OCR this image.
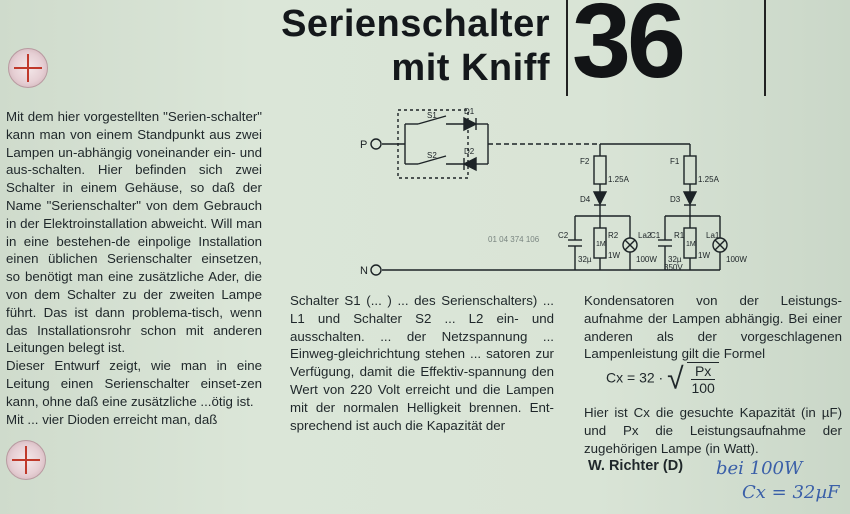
Serienschalter
mit Kniff 36

Mit dem hier vorgestellten "Serien-schalter" kann man von einem Standpunkt aus zwei Lampen un-abhängig voneinander ein- und aus-schalten. Hier befinden sich zwei Schalter in einem Gehäuse, so daß der Name "Serienschalter" von dem Gebrauch in der Elektroinstallation abweicht. Will man in eine bestehen-de einpolige Installation einen üblichen Serienschalter einsetzen, so benötigt man eine zusätzliche Ader, die von dem Schalter zu der zweiten Lampe führt. Das ist dann problema-tisch, wenn das Installationsrohr schon mit anderen Leitungen belegt ist.

Dieser Entwurf zeigt, wie man in eine Leitung einen Serienschalter einset-zen kann, ohne daß eine zusätzliche ...ötig ist.

Mit ... vier Dioden erreicht man, daß

Schalter S1 (... ) ... des Serienschalters) ... L1 und Schalter S2 ... L2 ein- und ausschalten. ... der Netzspannung ... Einweg-gleichrichtung stehen ... satoren zur Verfügung, damit die Effektiv-spannung den Wert von 220 Volt erreicht und die Lampen mit der normalen Helligkeit brennen. Ent-sprechend ist auch die Kapazität der

Kondensatoren von der Leistungs-aufnahme der Lampen abhängig. Bei einer anderen als der vorgeschlagenen Lampenleistung gilt die Formel

Cx = 32 · √ $\frac{Px}{100}$

Hier ist Cx die gesuchte Kapazität (in µF) und Px die Leistungsaufnahme der zugehörigen Lampe (in Watt).

W. Richter (D) bei 100W
Cx = 32µF
P
N
S1
S2
D1
D2
F2
1.25A
D4
C2	R2
1M
1W
La2
100W
32µ
F1
1.25A
D3
C1 R1
1M
1W
La1
100W
32µ
350V
01 04 374 106
